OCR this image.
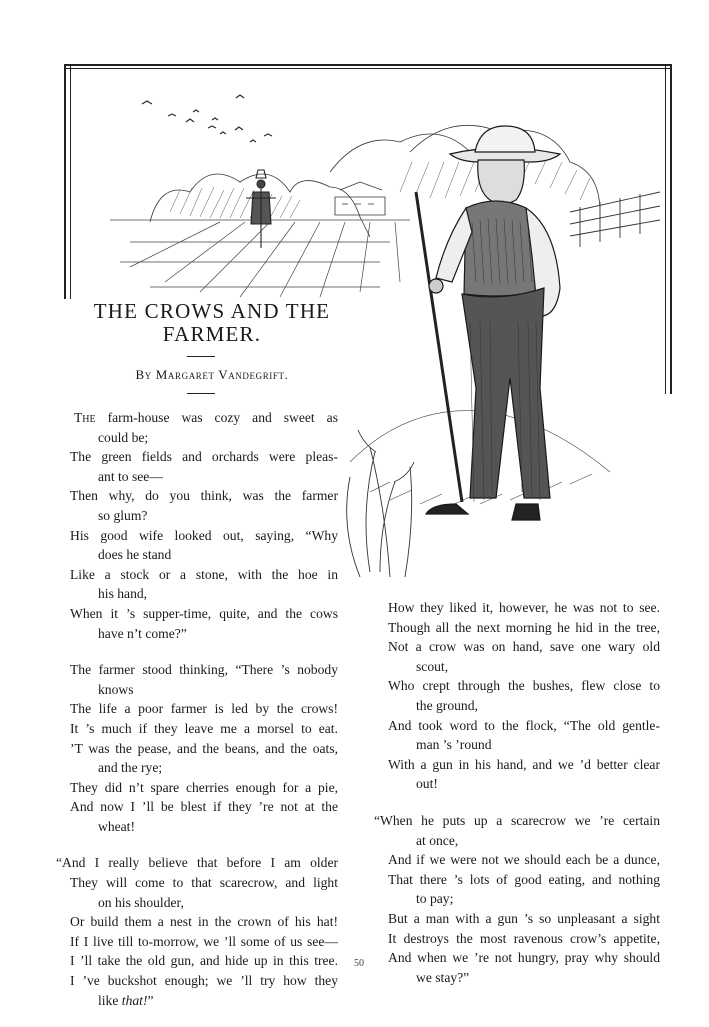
THE CROWS AND THE
FARMER.
By Margaret Vandegrift.

The farm-house was cozy and sweet as

could be;

The green fields and orchards were pleas-

ant to see—

Then why, do you think, was the farmer

so glum?

His good wife looked out, saying, “Why

does he stand

Like a stock or a stone, with the hoe in

his hand,

When it ’s supper-time, quite, and the cows

have n’t come?”

The farmer stood thinking, “There ’s nobody

knows

The life a poor farmer is led by the crows!

It ’s much if they leave me a morsel to eat.

’T was the pease, and the beans, and the oats,

and the rye;

They did n’t spare cherries enough for a pie,

And now I ’ll be blest if they ’re not at the

wheat!

“And I really believe that before I am older

They will come to that scarecrow, and light

on his shoulder,

Or build them a nest in the crown of his hat!

If I live till to-morrow, we ’ll some of us see—

I ’ll take the old gun, and hide up in this tree.

I ’ve buckshot enough; we ’ll try how they

like that!”

How they liked it, however, he was not to see.

Though all the next morning he hid in the tree,

Not a crow was on hand, save one wary old

scout,

Who crept through the bushes, flew close to

the ground,

And took word to the flock, “The old gentle-

man ’s ’round

With a gun in his hand, and we ’d better clear

out!

“When he puts up a scarecrow we ’re certain

at once,

And if we were not we should each be a dunce,

That there ’s lots of good eating, and nothing

to pay;

But a man with a gun ’s so unpleasant a sight

It destroys the most ravenous crow’s appetite,

And when we ’re not hungry, pray why should

we stay?”

50
